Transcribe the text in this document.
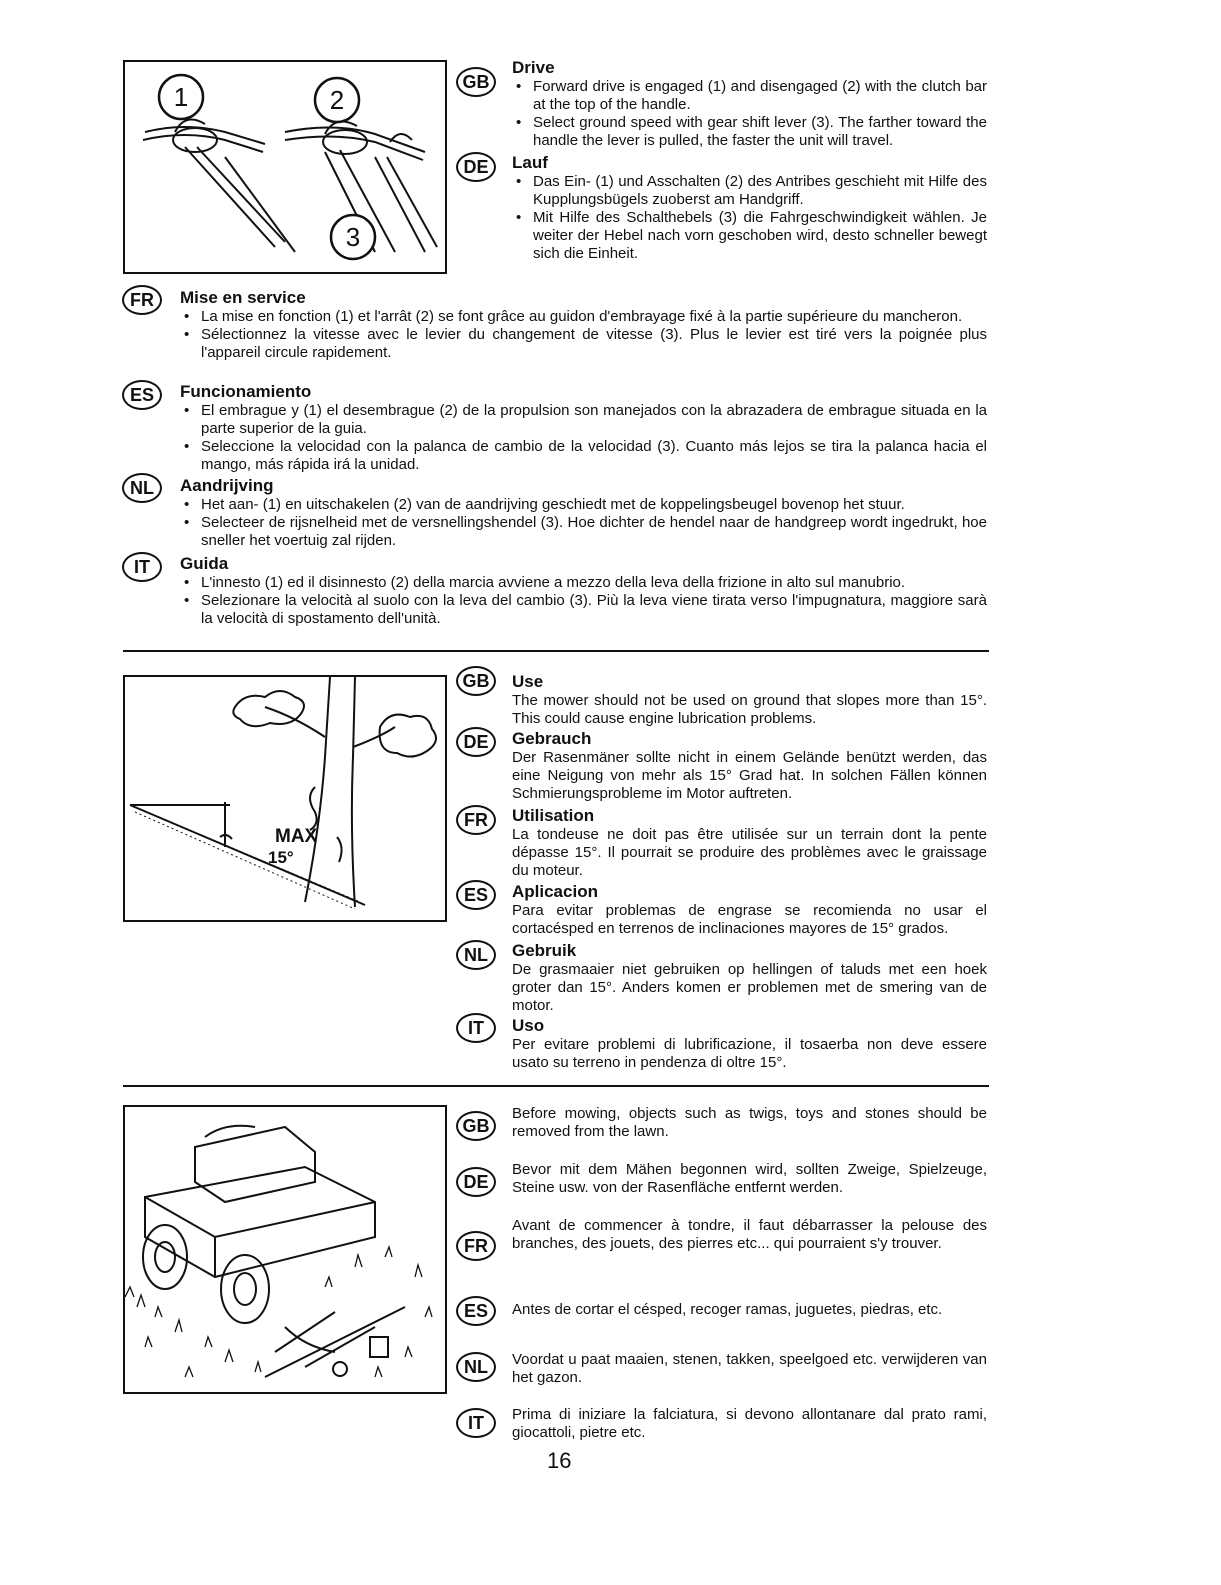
1	2
3
GB
Drive
• Forward drive is engaged (1) and disengaged (2) with the clutch bar at the top of the handle.
• Select ground speed with gear shift lever (3). The farther toward the handle the lever is pulled, the faster the unit will travel.
DE Lauf
• Das Ein- (1) und Asschalten (2) des Antribes geschieht mit Hilfe des Kupplungsbügels zuoberst am Handgriff.
• Mit Hilfe des Schalthebels (3) die Fahrgeschwindigkeit wählen. Je weiter der Hebel nach vorn geschoben wird, desto schneller bewegt sich die Einheit.
FR Mise en service
• La mise en fonction (1) et l'arrât (2) se font grâce au guidon d'embrayage fixé à la partie supérieure du mancheron.
• Sélectionnez la vitesse avec le levier du changement de vitesse (3). Plus le levier est tiré vers la poignée plus l'appareil circule rapidement.
ES Funcionamiento
• El embrague y (1) el desembrague (2) de la propulsion son manejados con la abrazadera de embrague situada en la parte superior de la guia.
• Seleccione la velocidad con la palanca de cambio de la velocidad (3). Cuanto más lejos se tira la palanca hacia el mango, más rápida irá la unidad.
NL Aandrijving
• Het aan- (1) en uitschakelen (2) van de aandrijving geschiedt met de koppelingsbeugel bovenop het stuur.
• Selecteer de rijsnelheid met de versnellingshendel (3). Hoe dichter de hendel naar de handgreep wordt ingedrukt, hoe sneller het voertuig zal rijden.
IT Guida
• L'innesto (1) ed il disinnesto (2) della marcia avviene a mezzo della leva della frizione in alto sul manubrio.
• Selezionare la velocità al suolo con la leva del cambio (3). Più la leva viene tirata verso l'impugnatura, maggiore sarà la velocità di spostamento dell'unità.
MAX
15°
GB Use

The mower should not be used on ground that slopes more than 15°. This could cause engine lubrication problems.

DE Gebrauch

Der Rasenmäner sollte nicht in einem Gelände benützt werden, das eine Neigung von mehr als 15° Grad hat. In solchen Fällen können Schmierungsprobleme im Motor auftreten.

FR Utilisation

La tondeuse ne doit pas être utilisée sur un terrain dont la pente dépasse 15°. Il pourrait se produire des problèmes avec le graissage du moteur.

ES Aplicacion

Para evitar problemas de engrase se recomienda no usar el cortacésped en terrenos de inclinaciones mayores de 15° grados.

NL Gebruik

De grasmaaier niet gebruiken op hellingen of taluds met een hoek groter dan 15°. Anders komen er problemen met de smering van de motor.

IT Uso

Per evitare problemi di lubrificazione, il tosaerba non deve essere usato su terreno in pendenza di oltre 15°.

GB

Before mowing, objects such as twigs, toys and stones should be removed from the lawn.

DE

Bevor mit dem Mähen begonnen wird, sollten Zweige, Spielzeuge, Steine usw. von der Rasenfläche entfernt werden.

FR

Avant de commencer à tondre, il faut débarrasser la pelouse des branches, des jouets, des pierres etc... qui pourraient s'y trouver.

ES Antes de cortar el césped, recoger ramas, juguetes, piedras, etc.

NL Voordat u paat maaien, stenen, takken, speelgoed etc. verwijderen van het gazon.

IT Prima di iniziare la falciatura, si devono allontanare dal prato rami, giocattoli, pietre etc.

16
